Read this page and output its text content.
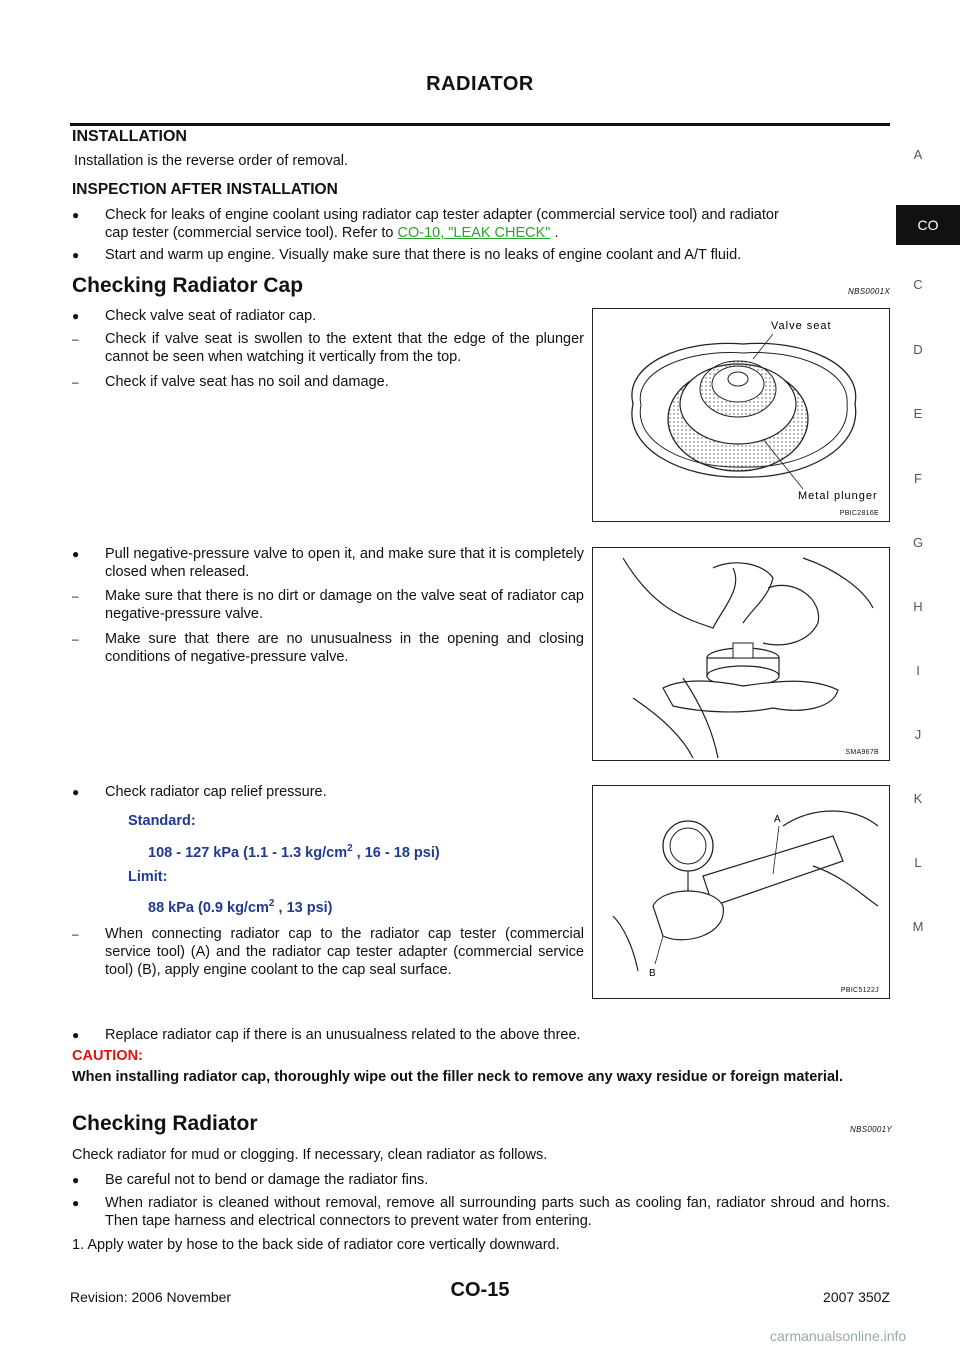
RADIATOR
INSTALLATION
Installation is the reverse order of removal.
INSPECTION AFTER INSTALLATION
● Check for leaks of engine coolant using radiator cap tester adapter (commercial service tool) and radiator
cap tester (commercial service tool). Refer to CO-10, "LEAK CHECK" .
● Start and warm up engine. Visually make sure that there is no leaks of engine coolant and A/T fluid.
Checking Radiator Cap	NBS0001X
● Check valve seat of radiator cap.
– Check if valve seat is swollen to the extent that the edge of the plunger cannot be seen when watching it vertically from the top.
– Check if valve seat has no soil and damage.
Valve seat
Metal plunger
PBIC2816E
● Pull negative-pressure valve to open it, and make sure that it is completely closed when released.
– Make sure that there is no dirt or damage on the valve seat of radiator cap negative-pressure valve.
– Make sure that there are no unusualness in the opening and closing conditions of negative-pressure valve.
SMA967B
● Check radiator cap relief pressure.
Standard:
108 - 127 kPa (1.1 - 1.3 $kg/cm^2$ , 16 - 18 psi)
Limit:
88 kPa (0.9 $kg/cm^2$ , 13 psi)
– When connecting radiator cap to the radiator cap tester (commercial service tool) (A) and the radiator cap tester adapter (commercial service tool) (B), apply engine coolant to the cap seal surface.
A
B
PBIC5122J
● Replace radiator cap if there is an unusualness related to the above three.
CAUTION:
When installing radiator cap, thoroughly wipe out the filler neck to remove any waxy residue or foreign material.
Checking Radiator	NBS0001Y
Check radiator for mud or clogging. If necessary, clean radiator as follows.
● Be careful not to bend or damage the radiator fins.
● When radiator is cleaned without removal, remove all surrounding parts such as cooling fan, radiator shroud and horns. Then tape harness and electrical connectors to prevent water from entering.
1. Apply water by hose to the back side of radiator core vertically downward.
A
CO
C
D
E
F
G
H
I
J
K
L
M
Revision: 2006 November	CO-15	2007 350Z
carmanualsonline.info
